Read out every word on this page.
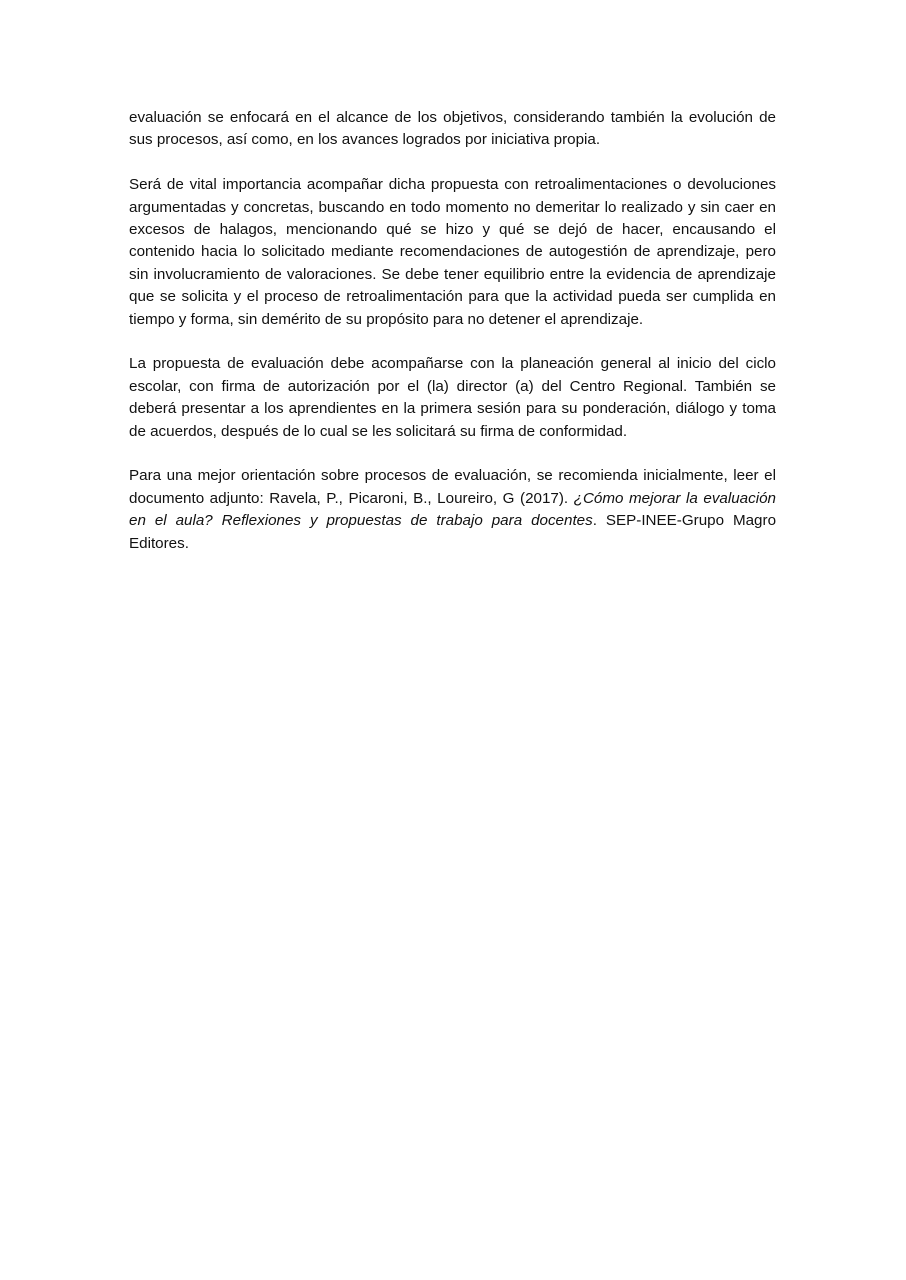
evaluación se enfocará en el alcance de los objetivos, considerando también la evolución de sus procesos, así como, en los avances logrados por iniciativa propia.

Será de vital importancia acompañar dicha propuesta con retroalimentaciones o devoluciones argumentadas y concretas, buscando en todo momento no demeritar lo realizado y sin caer en excesos de halagos, mencionando qué se hizo y qué se dejó de hacer, encausando el contenido hacia lo solicitado mediante recomendaciones de autogestión de aprendizaje, pero sin involucramiento de valoraciones. Se debe tener equilibrio entre la evidencia de aprendizaje que se solicita y el proceso de retroalimentación para que la actividad pueda ser cumplida en tiempo y forma, sin demérito de su propósito para no detener el aprendizaje.

La propuesta de evaluación debe acompañarse con la planeación general al inicio del ciclo escolar, con firma de autorización por el (la) director (a) del Centro Regional. También se deberá presentar a los aprendientes en la primera sesión para su ponderación, diálogo y toma de acuerdos, después de lo cual se les solicitará su firma de conformidad.

Para una mejor orientación sobre procesos de evaluación, se recomienda inicialmente, leer el documento adjunto: Ravela, P., Picaroni, B., Loureiro, G (2017). ¿Cómo mejorar la evaluación en el aula? Reflexiones y propuestas de trabajo para docentes. SEP-INEE-Grupo Magro Editores.
